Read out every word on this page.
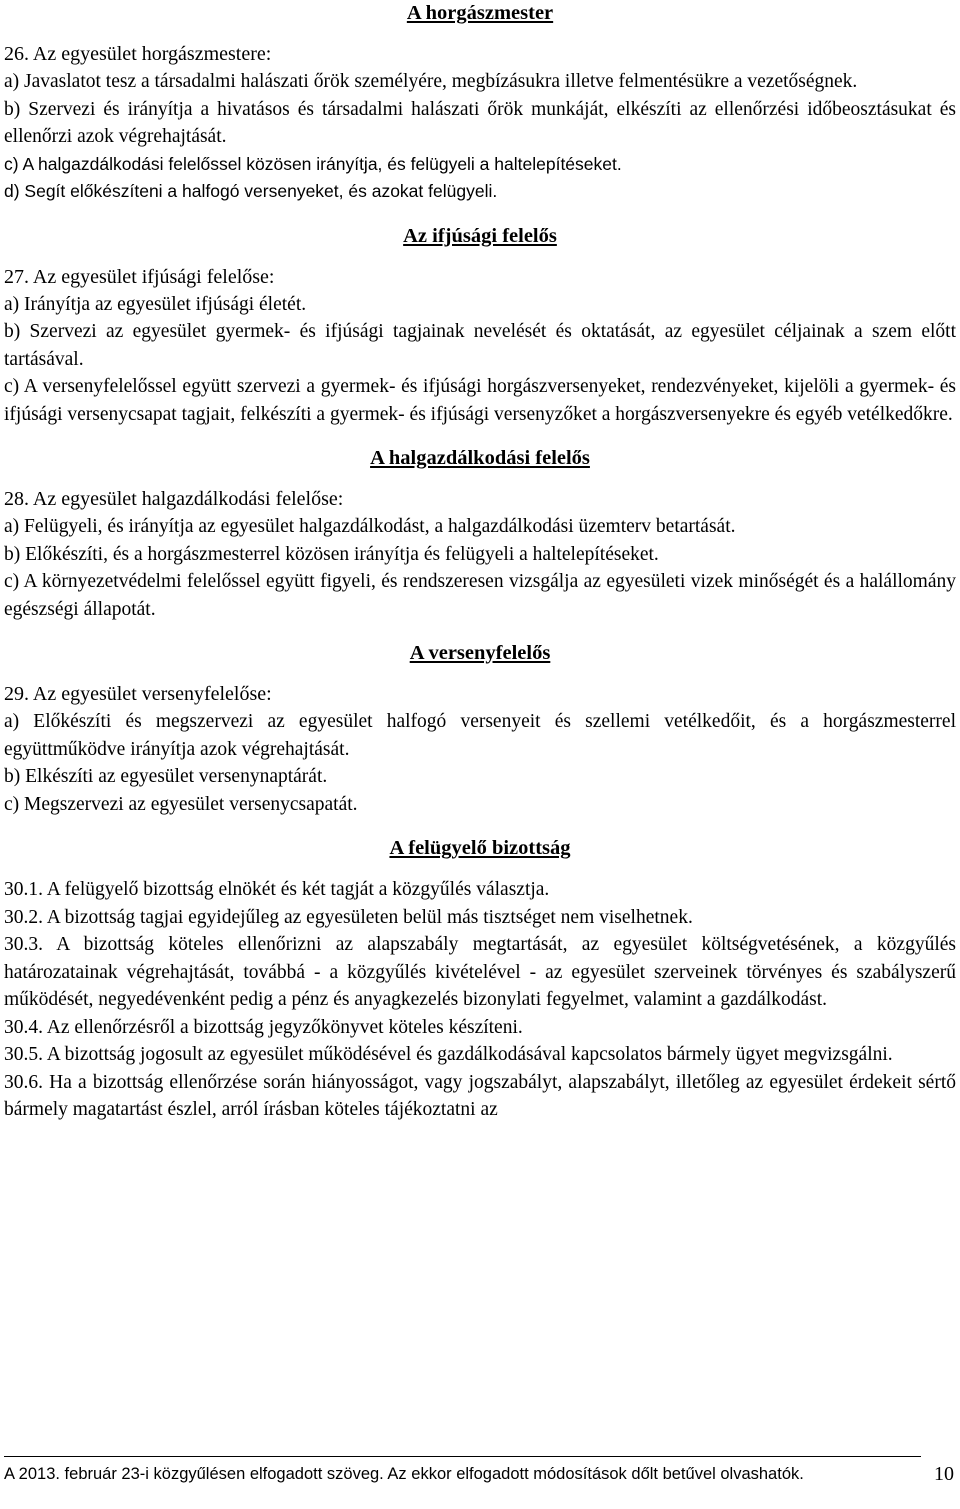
A horgászmester

26. Az egyesület horgászmestere:

a) Javaslatot tesz a társadalmi halászati őrök személyére, megbízásukra illetve felmentésükre a vezetőségnek.

b) Szervezi és irányítja a hivatásos és társadalmi halászati őrök munkáját, elkészíti az ellenőrzési időbeosztásukat és ellenőrzi azok végrehajtását.

c) A halgazdálkodási felelőssel közösen irányítja, és felügyeli a haltelepítéseket.

d) Segít előkészíteni a halfogó versenyeket, és azokat felügyeli.

Az ifjúsági felelős

27. Az egyesület ifjúsági felelőse:

a) Irányítja az egyesület ifjúsági életét.

b) Szervezi az egyesület gyermek- és ifjúsági tagjainak nevelését és oktatását, az egyesület céljainak a szem előtt tartásával.

c) A versenyfelelőssel együtt szervezi a gyermek- és ifjúsági horgászversenyeket, rendezvényeket, kijelöli a gyermek- és ifjúsági versenycsapat tagjait, felkészíti a gyermek- és ifjúsági versenyzőket a horgászversenyekre és egyéb vetélkedőkre.

A halgazdálkodási felelős

28. Az egyesület halgazdálkodási felelőse:

a) Felügyeli, és irányítja az egyesület halgazdálkodást, a halgazdálkodási üzemterv betartását.

b) Előkészíti, és a horgászmesterrel közösen irányítja és felügyeli a haltelepítéseket.

c) A környezetvédelmi felelőssel együtt figyeli, és rendszeresen vizsgálja az egyesületi vizek minőségét és a halállomány egészségi állapotát.

A versenyfelelős

29. Az egyesület versenyfelelőse:

a) Előkészíti és megszervezi az egyesület halfogó versenyeit és szellemi vetélkedőit, és a horgászmesterrel együttműködve irányítja azok végrehajtását.

b) Elkészíti az egyesület versenynaptárát.

c) Megszervezi az egyesület versenycsapatát.

A felügyelő bizottság

30.1. A felügyelő bizottság elnökét és két tagját a közgyűlés választja.

30.2. A bizottság tagjai egyidejűleg az egyesületen belül más tisztséget nem viselhetnek.

30.3. A bizottság köteles ellenőrizni az alapszabály megtartását, az egyesület költségvetésének, a közgyűlés határozatainak végrehajtását, továbbá - a közgyűlés kivételével - az egyesület szerveinek törvényes és szabályszerű működését, negyedévenként pedig a pénz és anyagkezelés bizonylati fegyelmet, valamint a gazdálkodást.

30.4. Az ellenőrzésről a bizottság jegyzőkönyvet köteles készíteni.

30.5. A bizottság jogosult az egyesület működésével és gazdálkodásával kapcsolatos bármely ügyet megvizsgálni.

30.6. Ha a bizottság ellenőrzése során hiányosságot, vagy jogszabályt, alapszabályt, illetőleg az egyesület érdekeit sértő bármely magatartást észlel, arról írásban köteles tájékoztatni az

A 2013. február 23-i közgyűlésen elfogadott szöveg. Az ekkor elfogadott módosítások dőlt betűvel olvashatók.	10
